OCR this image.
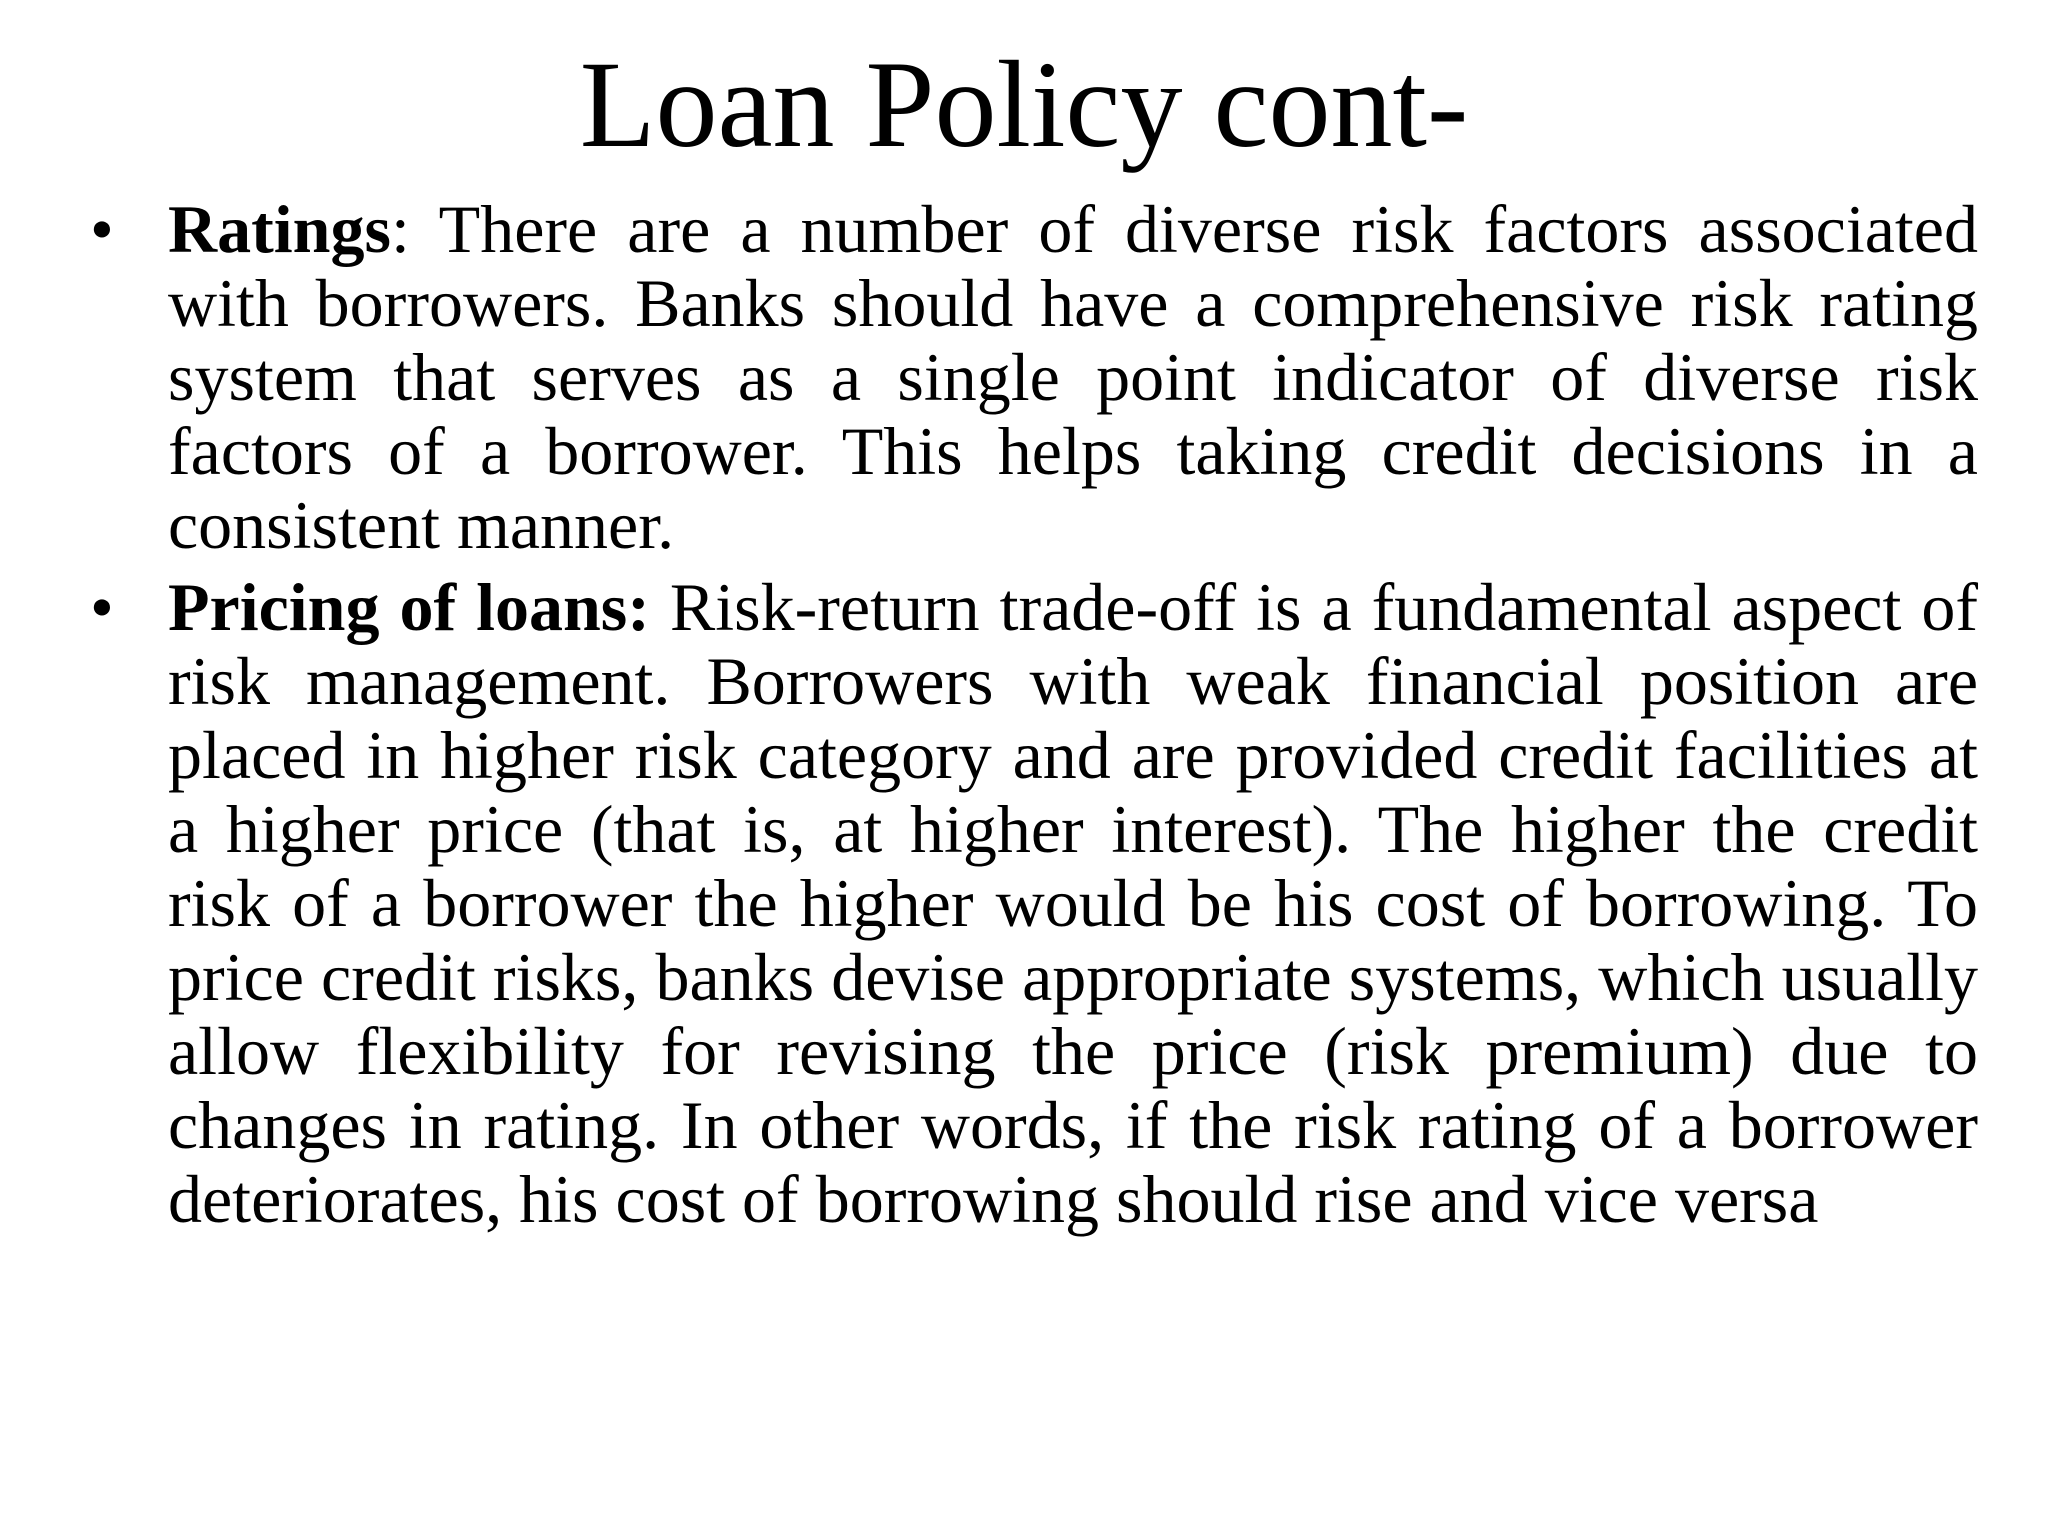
Loan Policy cont-
• Ratings: There are a number of diverse risk factors associated with borrowers. Banks should have a comprehensive risk rating system that serves as a single point indicator of diverse risk factors of a borrower. This helps taking credit decisions in a consistent manner.
• Pricing of loans: Risk-return trade-off is a fundamental aspect of risk management. Borrowers with weak financial position are placed in higher risk category and are provided credit facilities at a higher price (that is, at higher interest). The higher the credit risk of a borrower the higher would be his cost of borrowing. To price credit risks, banks devise appropriate systems, which usually allow flexibility for revising the price (risk premium) due to changes in rating. In other words, if the risk rating of a borrower deteriorates, his cost of borrowing should rise and vice versa
